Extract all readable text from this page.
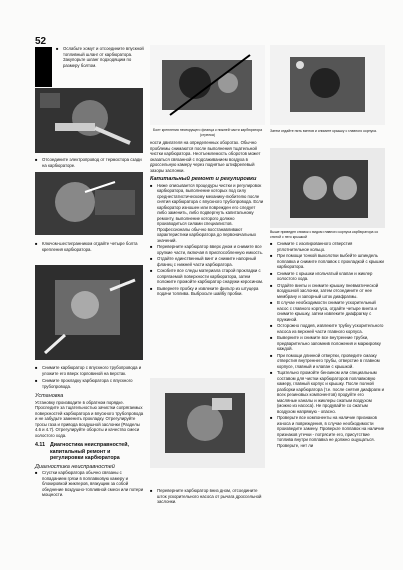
52
■ Ослабьте хомут и отсоедините впускной топливный шланг от карбюратора. Закупорьте шланг подходящим по размеру болтом.
■ Отсоедините электропровод от термостора сзади на карбюраторе.
■ Ключом-шестигранником отдайте четыре болта крепления карбюратора.
■ Снимите карбюратор с впускного трубопровода и уложите его вверх горловиной на верстак.
■ Снимите прокладку карбюратора с впускного трубопровода.
Установка
Установку производите в обратном порядке. Проследите за тщательностью зачистки сопрягаемых поверхностей карбюратора и впускного трубопровода и не забудьте заменить прокладку. Отрегулируйте тросы газа и привода воздушной заслонки (Разделы 4.6 и 4.7). Отрегулируйте обороты и качество смеси холостого хода.
4.11 Диагностика неисправностей, капитальный ремонт и регулировки карбюратора
Диагностика неисправностей
■ Сгустки карбюратора обычно связаны с попаданием грязи в поплавковую камеру и блокировкой жиклеров, вязкущим за собой обеднение воздушно-топливной смеси или потери мощности.
Болт крепления несекрущего фланца к нижней части карбюратора (стрелка)
ности двигателя на определенных оборотах. Обычно проблемы снимаются после выполнения тщательной чистки карбюратора. Неотъемлемость оборотов может оказаться связанной с подсаживанием воздуха в дроссельную камеру через поднятые штифрелевый зазоры заслонки.
Капитальный ремонт и регулировки
■ Ниже описывается процедуры чистки и регулировок карбюратора, выполнение которых под силу среднестатистическому механику-любителю после снятия карбюратора с впускного трубопровода. Если карбюратор изношен или поврежден его следует либо заменить, либо подвергнуть капитальному ремонту, выполнение которого должно производиться силами специалистов. Профессионалы обычно восстанавливают характеристики карбюратора до первоначальных значений.
■ Переверните карбюратор вверх дном и снимите все хрупкие части, включая в приспособленную емкость.
■ Отдайте единственный винт и снимите напорный фланец с нижней части карбюратора.
■ Сокобите все следы материала старой прокладки с сопрягаемой поверхности карбюратора, затем положите промойте карбюратор снаружи керосином.
■ Вывернете пробку и извлеките фильтр из штуцера подачи топлива. Выбросьте шайбу пробки.
■ Переверните карбюратор вниз дном, отсоедините шток ускорительного насоса от рычага дроссельной заслонки.
Затем отдайте пять винтов и снимите крышку с главного корпуса.
Выше приведен снимок с видом главного корпуса карбюратора со снятой с него крышкой
■ Снимите с изолированного отверстия уплотнительное кольцо.
■ При помощи тонкой выколотки выбейте шпиндель поплавка и снимите поплавок с прокладкой с крышки карбюратора.
■ Снимите с крышки игольчатый клапан и жиклер холостого хода.
■ Отдайте винты и снимите крышку пневматической воздушной заслонки, затем отсоедините от нее мембрану и запорный шток диафрагмы.
■ В случае необходимости снимите ускорительный насос с главного корпуса, отдайте четыре винта и снимите крышку, затем извлеките диафрагму с пружиной.
■ Осторожно поддев, извлеките трубку ускорительного насоса из верхней части главного корпуса.
■ Выверните и снимите все внутренние трубки, предварительно запомнив положения и маркировку каждой.
■ При помощи длинной отвертки, проведите смазку отверстия внутреннего трубы, отверстие в главном корпусе, главный и клапан с крышкой.
■ Тщательно промойте бензином или специальным составом для чистки карбюраторов поплавковую камеру, главный корпус и крышку. После полной разборки карбюратора (т.е. после снятия диафрагм и всех резиновых компонентов) продуйте его масляные каналы и жиклеры сжатым воздухом (можно из насоса). Не продувайте со сжатым воздухом напрямую - опасно.
■ Проверьте все компоненты на наличие признаков износа и повреждения, в случае необходимости произведите замену. Проверьте поплавок на наличие признаков утечки - потрясите его, присутствие топлива внутри поплавка не должно ощущаться. Проверьте, нет ли
